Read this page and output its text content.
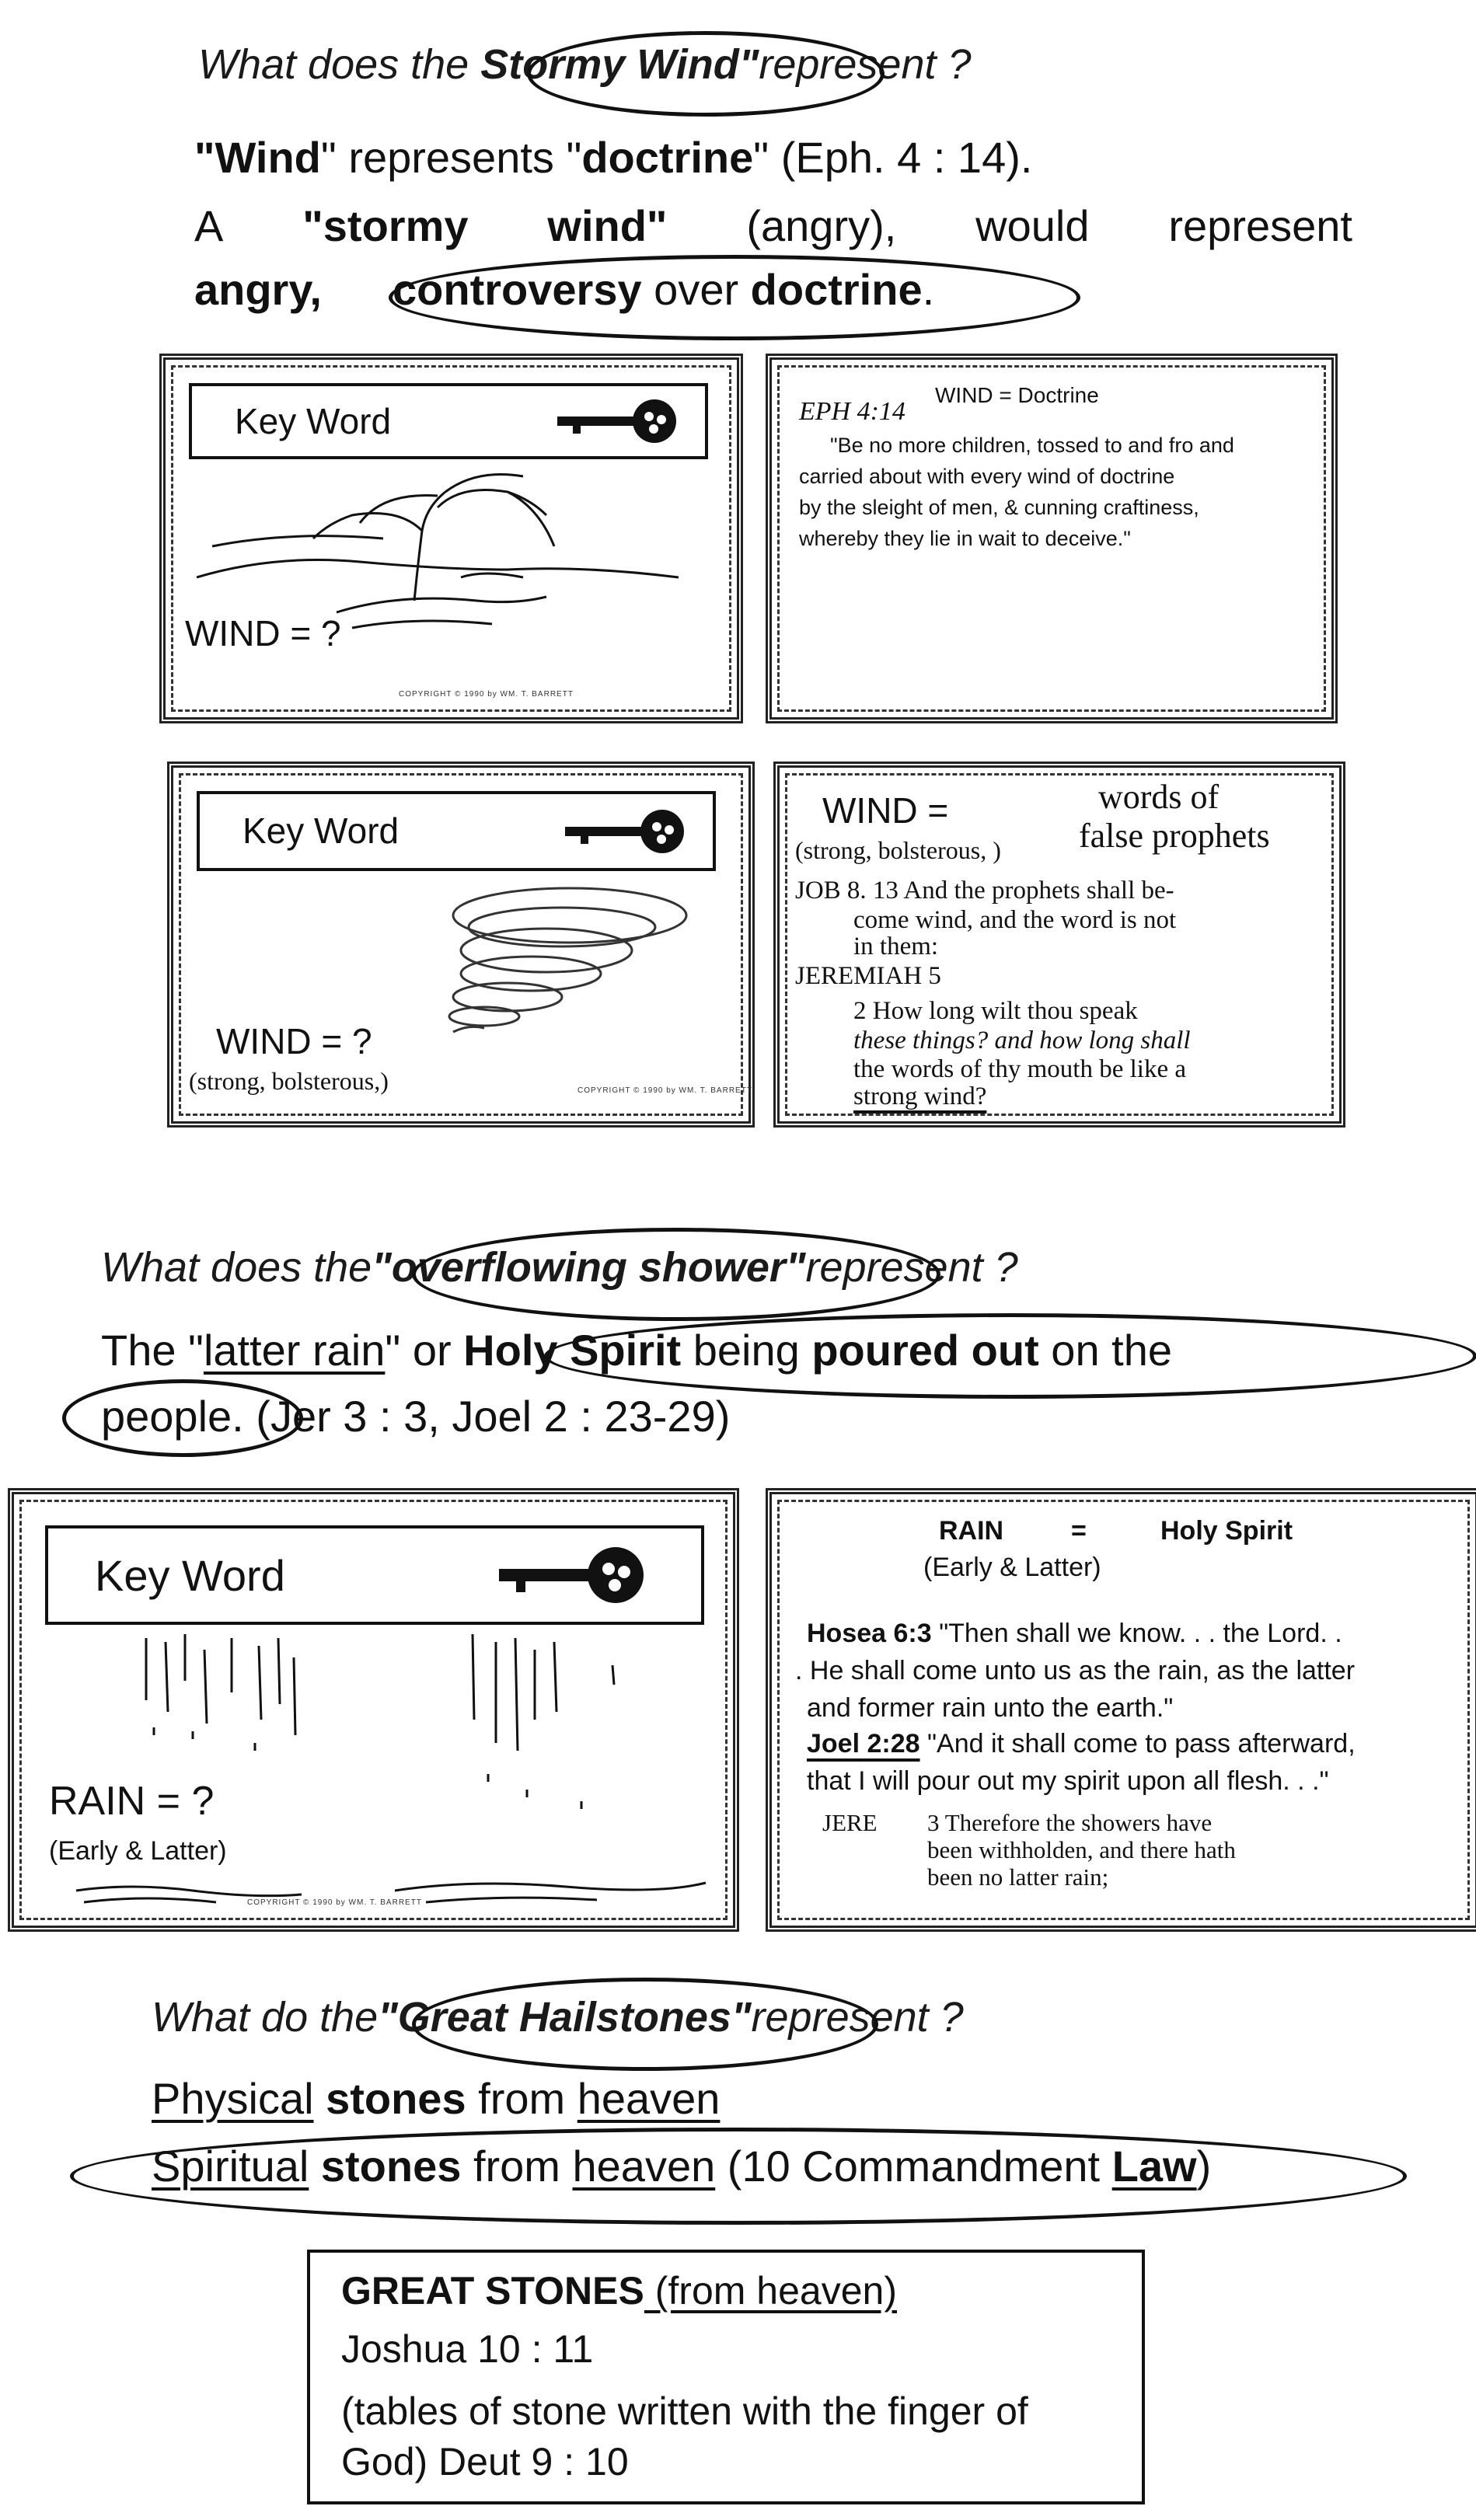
What does the Stormy Wind"represent ?
"Wind" represents "doctrine" (Eph. 4 : 14).
A "stormy wind" (angry), would represent
angry, controversy over doctrine.
Key Word
WIND = ?
COPYRIGHT © 1990 by WM. T. BARRETT
EPH 4:14
WIND = Doctrine
"Be no more children, tossed to and fro and
carried about with every wind of doctrine
by the sleight of men, & cunning craftiness,
whereby they lie in wait to deceive."
Key Word
WIND = ?
(strong, bolsterous,)	COPYRIGHT © 1990 by WM. T. BARRETT
WIND =
(strong, bolsterous, )
words of
false prophets
JOB 8. 13 And the prophets shall be-
come wind, and the word is not
in them:
JEREMIAH 5
2 How long wilt thou speak
these things? and how long shall
the words of thy mouth be like a
strong wind?
What does the"overflowing shower"represent ?
The "latter rain" or Holy Spirit being poured out on the
people. (Jer 3 : 3, Joel 2 : 23-29)
Key Word
RAIN = ?
(Early & Latter)
COPYRIGHT © 1990 by WM. T. BARRETT
RAIN	=	Holy Spirit
(Early & Latter)
Hosea 6:3 "Then shall we know. . . the Lord. .
. He shall come unto us as the rain, as the latter
and former rain unto the earth."
Joel 2:28 "And it shall come to pass afterward,
that I will pour out my spirit upon all flesh. . ."
JERE 3 Therefore the showers have
been withholden, and there hath
been no latter rain;
What do the"Great Hailstones"represent ?
Physical stones from heaven
Spiritual stones from heaven (10 Commandment Law)
GREAT STONES (from heaven)
Joshua 10 : 11
(tables of stone written with the finger of
God) Deut 9 : 10
